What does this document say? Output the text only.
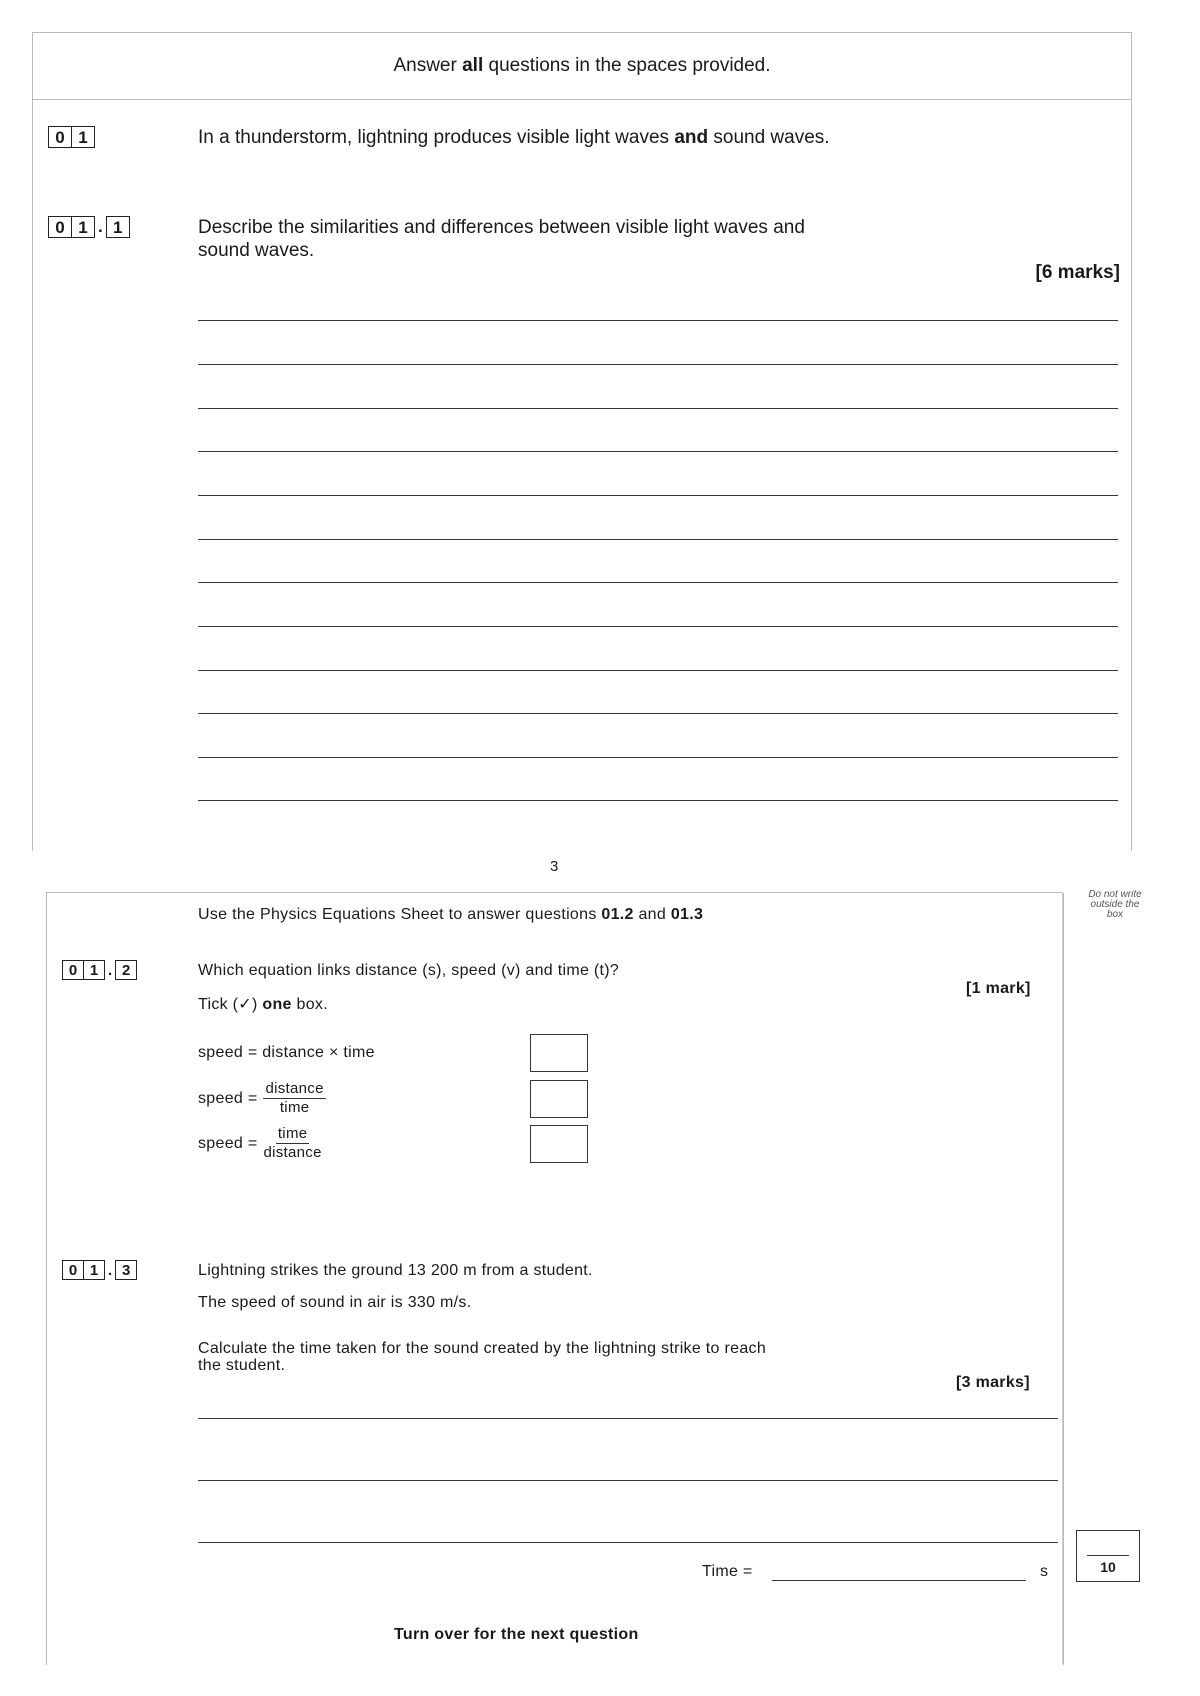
Answer all questions in the spaces provided.
0 1	In a thunderstorm, lightning produces visible light waves and sound waves.
0 1 . 1	Describe the similarities and differences between visible light waves and
sound waves.
[6 marks]
3
Do not write
outside the
box
Use the Physics Equations Sheet to answer questions 01.2 and 01.3
0 1 . 2	Which equation links distance (s), speed (v) and time (t)?
[1 mark]
Tick (✓) one box.
speed = distance × time
speed = $\frac{\text{distance}}{\text{time}}$
speed = $\frac{\text{time}}{\text{distance}}$
0 1 . 3	Lightning strikes the ground 13 200 m from a student.
The speed of sound in air is 330 m/s.
Calculate the time taken for the sound created by the lightning strike to reach
the student.
[3 marks]
Time =	s	10
Turn over for the next question
